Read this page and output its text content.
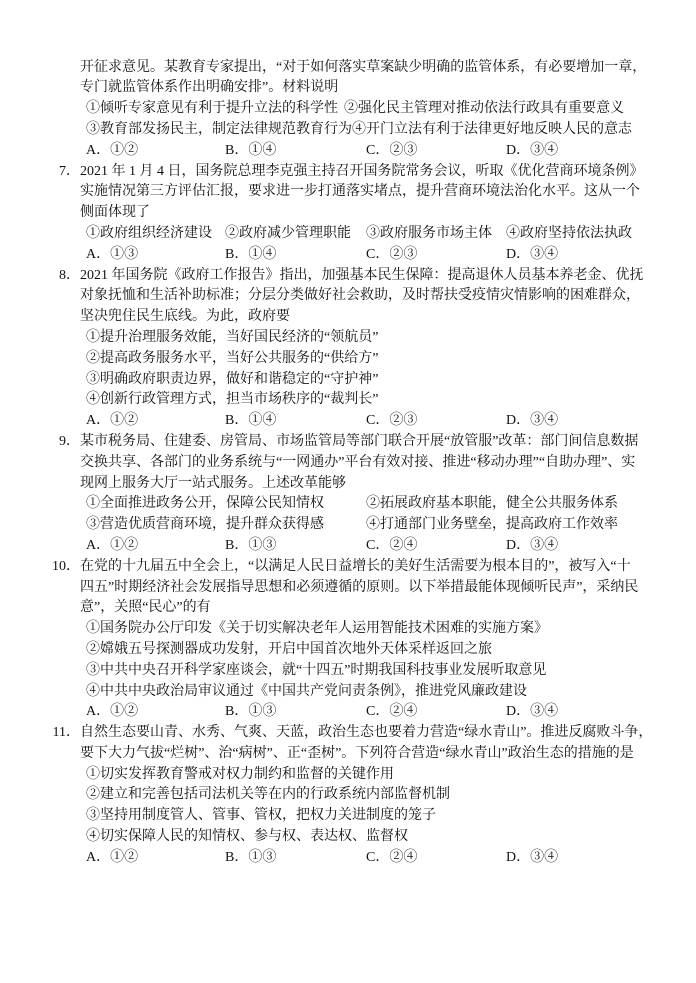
开征求意见。某教育专家提出，“对于如何落实草案缺少明确的监管体系，有必要增加一章，
专门就监管体系作出明确安排”。材料说明
①倾听专家意见有利于提升立法的科学性 ②强化民主管理对推动依法行政具有重要意义
③教育部发扬民主，制定法律规范教育行为④开门立法有利于法律更好地反映人民的意志
A．①②	B．①④	C．②③	D．③④
7． 2021 年 1 月 4 日，国务院总理李克强主持召开国务院常务会议，听取《优化营商环境条例》
实施情况第三方评估汇报，要求进一步打通落实堵点，提升营商环境法治化水平。这从一个
侧面体现了
①政府组织经济建设 ②政府减少管理职能 ③政府服务市场主体 ④政府坚持依法执政
A．①③	B．①④	C．②③	D．③④
8． 2021 年国务院《政府工作报告》指出，加强基本民生保障：提高退休人员基本养老金、优抚
对象抚恤和生活补助标准；分层分类做好社会救助，及时帮扶受疫情灾情影响的困难群众，
坚决兜住民生底线。为此，政府要
①提升治理服务效能，当好国民经济的“领航员”
②提高政务服务水平，当好公共服务的“供给方”
③明确政府职责边界，做好和谐稳定的“守护神”
④创新行政管理方式，担当市场秩序的“裁判长”
A．①②	B．①④	C．②③	D．③④
9． 某市税务局、住建委、房管局、市场监管局等部门联合开展“放管服”改革：部门间信息数据
交换共享、各部门的业务系统与“一网通办”平台有效对接、推进“移动办理”“自助办理”、实
现网上服务大厅一站式服务。上述改革能够
①全面推进政务公开，保障公民知情权	②拓展政府基本职能，健全公共服务体系
③营造优质营商环境，提升群众获得感	④打通部门业务壁垒，提高政府工作效率
A．①②	B．①③	C．②④	D．③④
10． 在党的十九届五中全会上，“以满足人民日益增长的美好生活需要为根本目的”，被写入“十
四五”时期经济社会发展指导思想和必须遵循的原则。以下举措最能体现倾听民声”，采纳民
意”，关照“民心”的有
①国务院办公厅印发《关于切实解决老年人运用智能技术困难的实施方案》
②嫦娥五号探测器成功发射，开启中国首次地外天体采样返回之旅
③中共中央召开科学家座谈会，就“十四五”时期我国科技事业发展听取意见
④中共中央政治局审议通过《中国共产党问责条例》，推进党风廉政建设
A．①②	B．①③	C．②④	D．③④
11． 自然生态要山青、水秀、气爽、天蓝，政治生态也要着力营造“绿水青山”。推进反腐败斗争，
要下大力气拔“烂树”、治“病树”、正“歪树”。下列符合营造“绿水青山”政治生态的措施的是
①切实发挥教育警戒对权力制约和监督的关键作用
②建立和完善包括司法机关等在内的行政系统内部监督机制
③坚持用制度管人、管事、管权，把权力关进制度的笼子
④切实保障人民的知情权、参与权、表达权、监督权
A．①②	B．①③	C．②④	D．③④
